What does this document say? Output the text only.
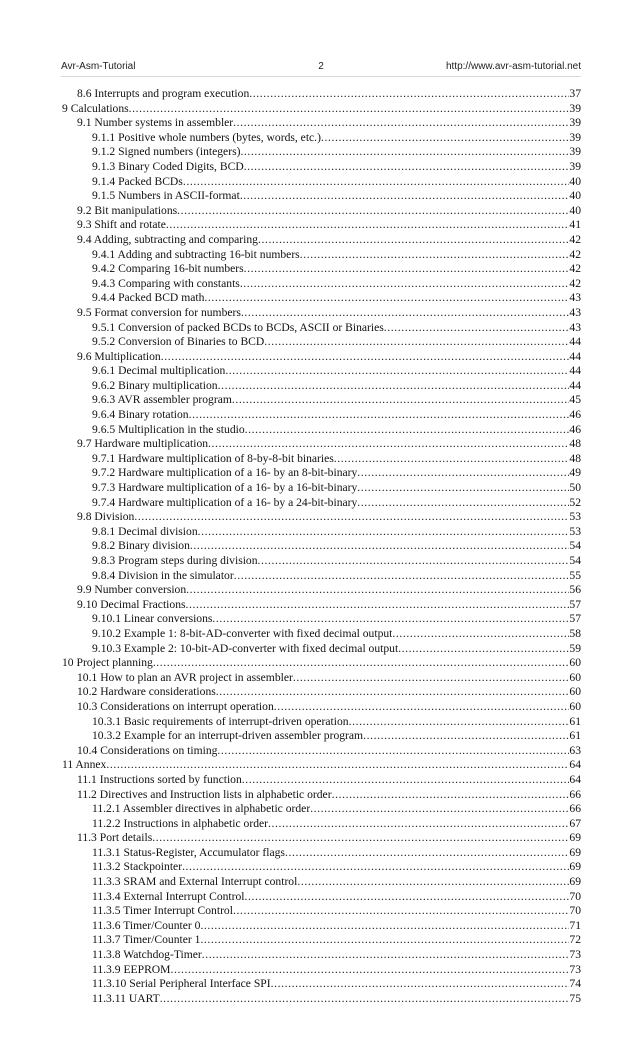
Avr-Asm-Tutorial	2	http://www.avr-asm-tutorial.net
8.6 Interrupts and program execution .....	37
9 Calculations .....	39
9.1 Number systems in assembler .....	39
9.1.1 Positive whole numbers (bytes, words, etc.) .....	39
9.1.2 Signed numbers (integers) .....	39
9.1.3 Binary Coded Digits, BCD .....	39
9.1.4 Packed BCDs .....	40
9.1.5 Numbers in ASCII-format .....	40
9.2 Bit manipulations .....	40
9.3 Shift and rotate .....	41
9.4 Adding, subtracting and comparing .....	42
9.4.1 Adding and subtracting 16-bit numbers .....	42
9.4.2 Comparing 16-bit numbers .....	42
9.4.3 Comparing with constants .....	42
9.4.4 Packed BCD math .....	43
9.5 Format conversion for numbers .....	43
9.5.1 Conversion of packed BCDs to BCDs, ASCII or Binaries .....	43
9.5.2 Conversion of Binaries to BCD .....	44
9.6 Multiplication .....	44
9.6.1 Decimal multiplication .....	44
9.6.2 Binary multiplication .....	44
9.6.3 AVR assembler program .....	45
9.6.4 Binary rotation .....	46
9.6.5 Multiplication in the studio .....	46
9.7 Hardware multiplication .....	48
9.7.1 Hardware multiplication of 8-by-8-bit binaries .....	48
9.7.2 Hardware multiplication of a 16- by an 8-bit-binary .....	49
9.7.3 Hardware multiplication of a 16- by a 16-bit-binary .....	50
9.7.4 Hardware multiplication of a 16- by a 24-bit-binary .....	52
9.8 Division .....	53
9.8.1 Decimal division .....	53
9.8.2 Binary division .....	54
9.8.3 Program steps during division .....	54
9.8.4 Division in the simulator .....	55
9.9 Number conversion .....	56
9.10 Decimal Fractions .....	57
9.10.1 Linear conversions .....	57
9.10.2 Example 1: 8-bit-AD-converter with fixed decimal output .....	58
9.10.3 Example 2: 10-bit-AD-converter with fixed decimal output .....	59
10 Project planning .....	60
10.1 How to plan an AVR project in assembler .....	60
10.2 Hardware considerations .....	60
10.3 Considerations on interrupt operation .....	60
10.3.1 Basic requirements of interrupt-driven operation .....	61
10.3.2 Example for an interrupt-driven assembler program .....	61
10.4 Considerations on timing .....	63
11 Annex .....	64
11.1 Instructions sorted by function .....	64
11.2 Directives and Instruction lists in alphabetic order .....	66
11.2.1 Assembler directives in alphabetic order .....	66
11.2.2 Instructions in alphabetic order .....	67
11.3 Port details .....	69
11.3.1 Status-Register, Accumulator flags .....	69
11.3.2 Stackpointer .....	69
11.3.3 SRAM and External Interrupt control .....	69
11.3.4 External Interrupt Control .....	70
11.3.5 Timer Interrupt Control .....	70
11.3.6 Timer/Counter 0 .....	71
11.3.7 Timer/Counter 1 .....	72
11.3.8 Watchdog-Timer .....	73
11.3.9 EEPROM .....	73
11.3.10 Serial Peripheral Interface SPI .....	74
11.3.11 UART .....	75
